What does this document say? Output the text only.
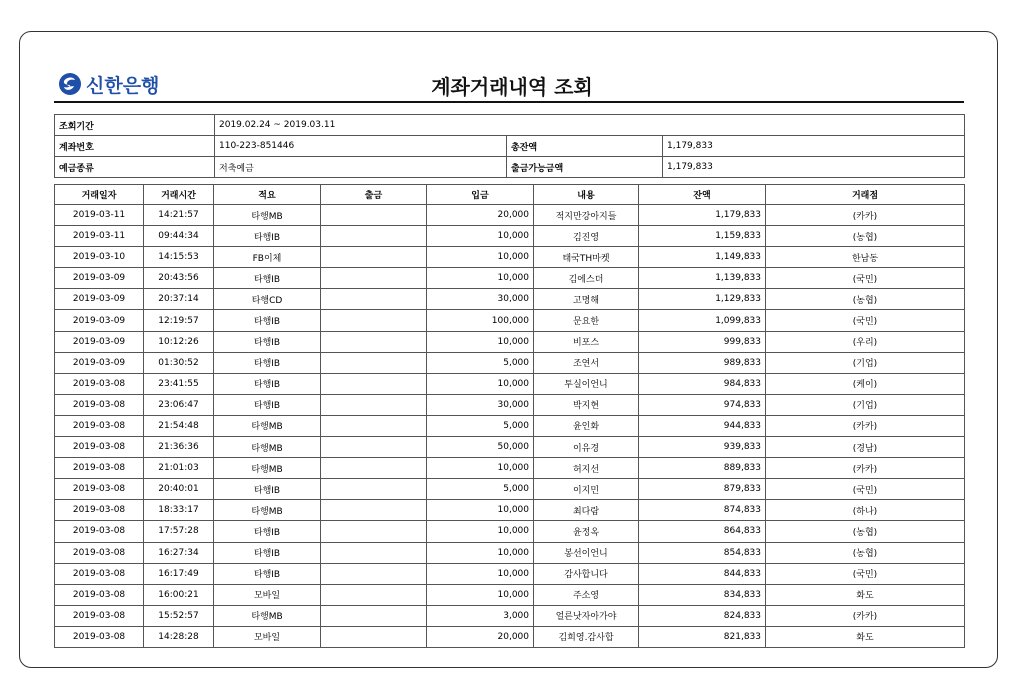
신한은행	계좌거래내역 조회
조회기간	2019.02.24 ~ 2019.03.11		
계좌번호	110-223-851446	총잔액	1,179,833
예금종류	저축예금	출금가능금액	1,179,833
거래일자	거래시간	적요	출금	입금	내용	잔액	거래점
2019-03-11	14:21:57	타행MB		20,000	적지만강아지들	1,179,833	(카카)
2019-03-11	09:44:34	타행IB		10,000	김진영	1,159,833	(농협)
2019-03-10	14:15:53	FB이체		10,000	태국TH마켓	1,149,833	한남동
2019-03-09	20:43:56	타행IB		10,000	김에스더	1,139,833	(국민)
2019-03-09	20:37:14	타행CD		30,000	고명해	1,129,833	(농협)
2019-03-09	12:19:57	타행IB		100,000	문요한	1,099,833	(국민)
2019-03-09	10:12:26	타행IB		10,000	비포스	999,833	(우리)
2019-03-09	01:30:52	타행IB		5,000	조연서	989,833	(기업)
2019-03-08	23:41:55	타행IB		10,000	투실이언니	984,833	(케이)
2019-03-08	23:06:47	타행IB		30,000	박지현	974,833	(기업)
2019-03-08	21:54:48	타행MB		5,000	윤인화	944,833	(카카)
2019-03-08	21:36:36	타행MB		50,000	이유경	939,833	(경남)
2019-03-08	21:01:03	타행MB		10,000	허지선	889,833	(카카)
2019-03-08	20:40:01	타행IB		5,000	이지민	879,833	(국민)
2019-03-08	18:33:17	타행MB		10,000	최다람	874,833	(하나)
2019-03-08	17:57:28	타행IB		10,000	윤정옥	864,833	(농협)
2019-03-08	16:27:34	타행IB		10,000	봉선이언니	854,833	(농협)
2019-03-08	16:17:49	타행IB		10,000	감사합니다	844,833	(국민)
2019-03-08	16:00:21	모바일		10,000	주소영	834,833	화도
2019-03-08	15:52:57	타행MB		3,000	얼른낫자아가야	824,833	(카카)
2019-03-08	14:28:28	모바일		20,000	김희영.감사합	821,833	화도
